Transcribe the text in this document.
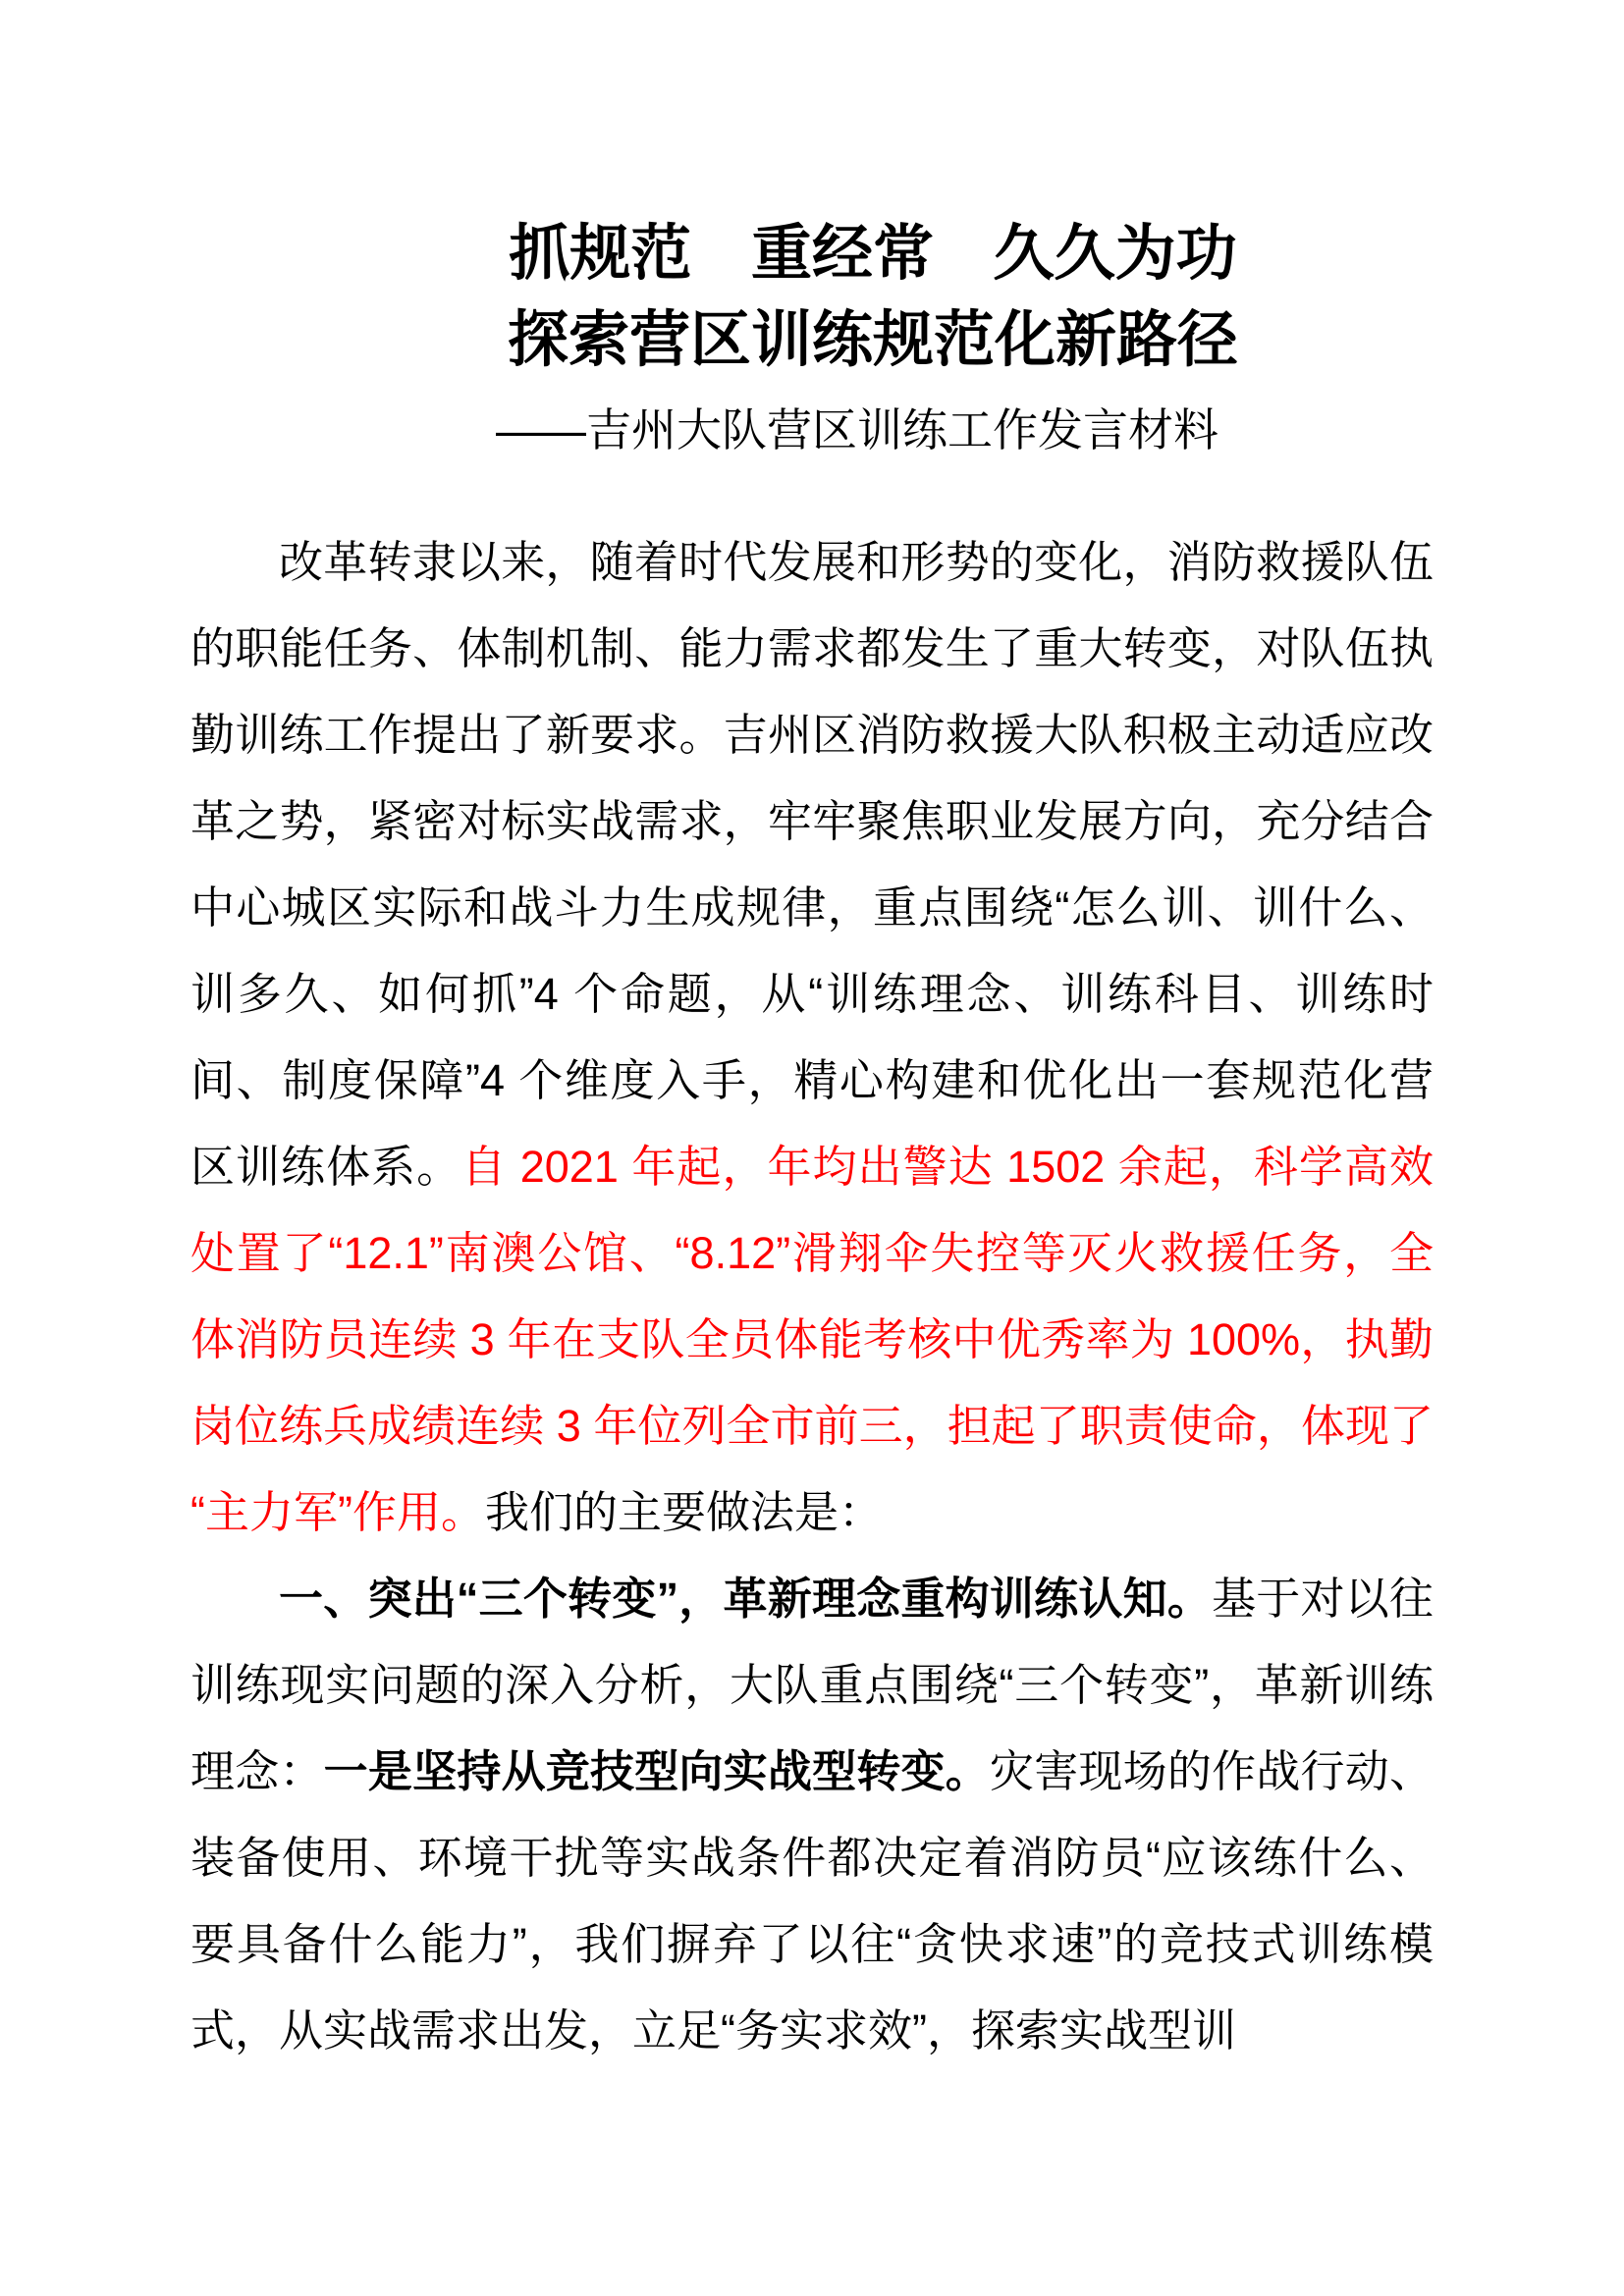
抓规范 重经常 久久为功
探索营区训练规范化新路径
——吉州大队营区训练工作发言材料

改革转隶以来，随着时代发展和形势的变化，消防救援队伍的职能任务、体制机制、能力需求都发生了重大转变，对队伍执勤训练工作提出了新要求。吉州区消防救援大队积极主动适应改革之势，紧密对标实战需求，牢牢聚焦职业发展方向，充分结合中心城区实际和战斗力生成规律，重点围绕“怎么训、训什么、训多久、如何抓”4 个命题，从“训练理念、训练科目、训练时间、制度保障”4 个维度入手，精心构建和优化出一套规范化营区训练体系。自 2021 年起，年均出警达 1502 余起，科学高效处置了“12.1”南澳公馆、“8.12”滑翔伞失控等灭火救援任务，全体消防员连续 3 年在支队全员体能考核中优秀率为 100%，执勤岗位练兵成绩连续 3 年位列全市前三，担起了职责使命，体现了“主力军”作用。我们的主要做法是：

一、突出“三个转变”，革新理念重构训练认知。基于对以往训练现实问题的深入分析，大队重点围绕“三个转变”，革新训练理念：一是坚持从竞技型向实战型转变。灾害现场的作战行动、装备使用、环境干扰等实战条件都决定着消防员“应该练什么、要具备什么能力”，我们摒弃了以往“贪快求速”的竞技式训练模式，从实战需求出发，立足“务实求效”，探索实战型训
